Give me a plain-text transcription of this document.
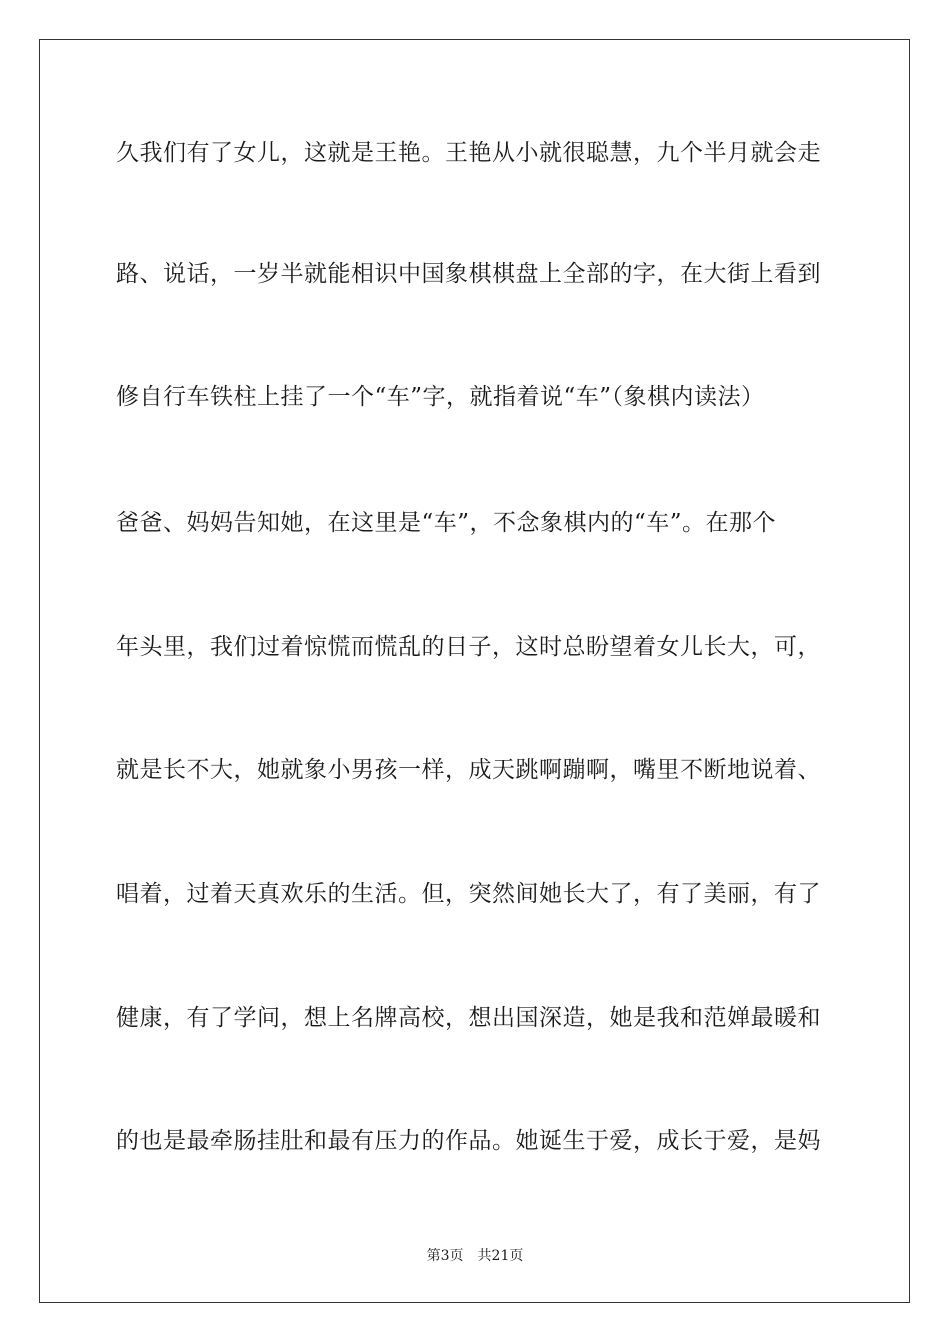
久我们有了女儿，这就是王艳。王艳从小就很聪慧，九个半月就会走
路、说话，一岁半就能相识中国象棋棋盘上全部的字，在大街上看到
修自行车铁柱上挂了一个“车”字，就指着说“车”（象棋内读法）
爸爸、妈妈告知她，在这里是“车”，不念象棋内的“车”。在那个
年头里，我们过着惊慌而慌乱的日子，这时总盼望着女儿长大，可，
就是长不大，她就象小男孩一样，成天跳啊蹦啊，嘴里不断地说着、
唱着，过着天真欢乐的生活。但，突然间她长大了，有了美丽，有了
健康，有了学问，想上名牌高校，想出国深造，她是我和范婵最暖和
的也是最牵肠挂肚和最有压力的作品。她诞生于爱，成长于爱，是妈
第3页 共21页
